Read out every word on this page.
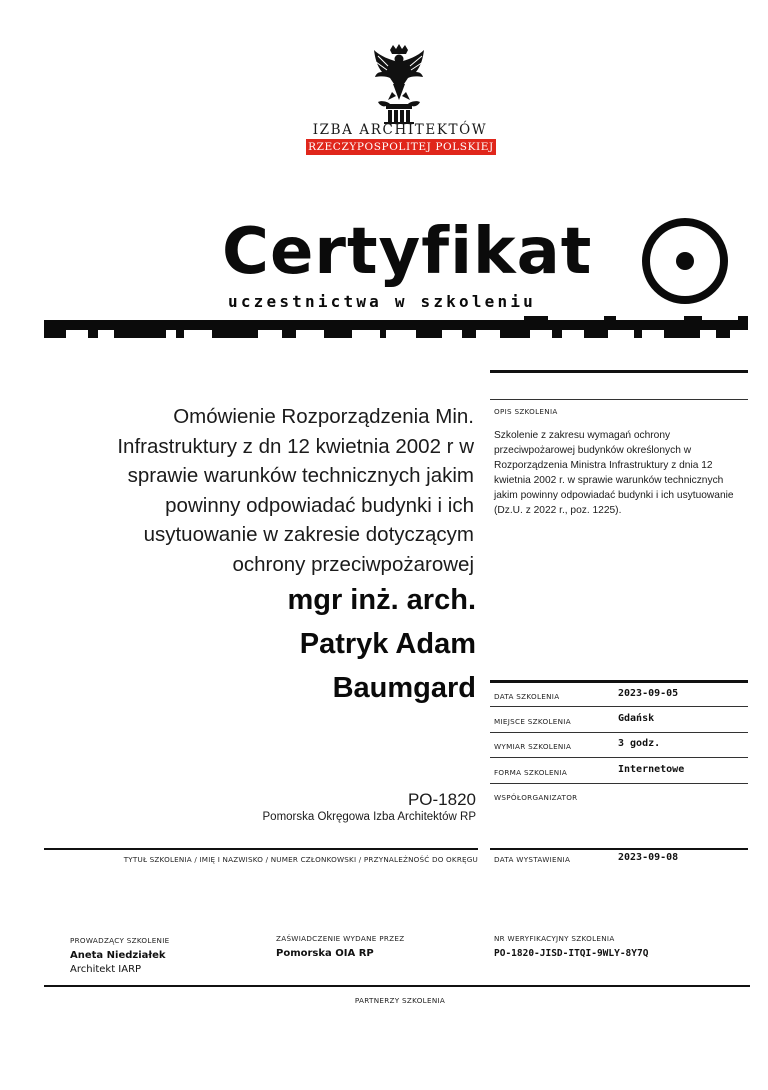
IZBA ARCHITEKTÓW
RZECZYPOSPOLITEJ POLSKIEJ
Certyfikat
uczestnictwa w szkoleniu
Omówienie Rozporządzenia Min.
Infrastruktury z dn 12 kwietnia 2002 r w
sprawie warunków technicznych jakim
powinny odpowiadać budynki i ich
usytuowanie w zakresie dotyczącym
ochrony przeciwpożarowej
mgr inż. arch.
Patryk Adam
Baumgard
PO-1820
Pomorska Okręgowa Izba Architektów RP
TYTUŁ SZKOLENIA / IMIĘ I NAZWISKO / NUMER CZŁONKOWSKI / PRZYNALEŻNOŚĆ DO OKRĘGU
OPIS SZKOLENIA
Szkolenie z zakresu wymagań ochrony przeciwpożarowej budynków określonych w Rozporządzenia Ministra Infrastruktury z dnia 12 kwietnia 2002 r. w sprawie warunków technicznych jakim powinny odpowiadać budynki i ich usytuowanie (Dz.U. z 2022 r., poz. 1225).
DATA SZKOLENIA	2023-09-05
MIEJSCE SZKOLENIA	Gdańsk
WYMIAR SZKOLENIA	3 godz.
FORMA SZKOLENIA	Internetowe
WSPÓŁORGANIZATOR
DATA WYSTAWIENIA	2023-09-08
PROWADZĄCY SZKOLENIE
Aneta Niedziałek
Architekt IARP
ZAŚWIADCZENIE WYDANE PRZEZ
Pomorska OIA RP
NR WERYFIKACYJNY SZKOLENIA
PO-1820-JISD-ITQI-9WLY-8Y7Q
PARTNERZY SZKOLENIA
